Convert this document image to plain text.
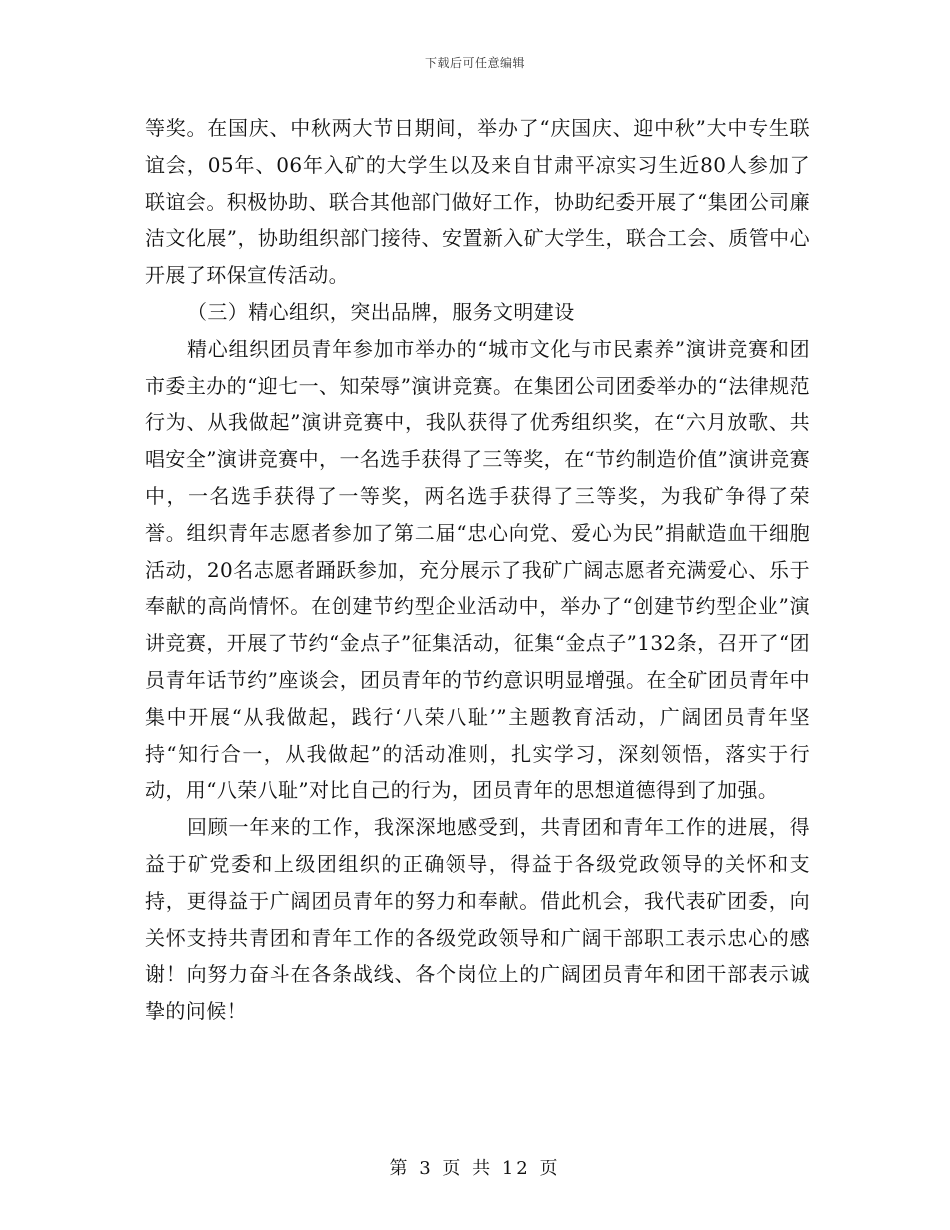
下载后可任意编辑

等奖。在国庆、中秋两大节日期间，举办了“庆国庆、迎中秋”大中专生联谊会，05年、06年入矿的大学生以及来自甘肃平凉实习生近80人参加了联谊会。积极协助、联合其他部门做好工作，协助纪委开展了“集团公司廉洁文化展”，协助组织部门接待、安置新入矿大学生，联合工会、质管中心开展了环保宣传活动。

（三）精心组织，突出品牌，服务文明建设

精心组织团员青年参加市举办的“城市文化与市民素养”演讲竞赛和团市委主办的“迎七一、知荣辱”演讲竞赛。在集团公司团委举办的“法律规范行为、从我做起”演讲竞赛中，我队获得了优秀组织奖，在“六月放歌、共唱安全”演讲竞赛中，一名选手获得了三等奖，在“节约制造价值”演讲竞赛中，一名选手获得了一等奖，两名选手获得了三等奖，为我矿争得了荣誉。组织青年志愿者参加了第二届“忠心向党、爱心为民”捐献造血干细胞活动，20名志愿者踊跃参加，充分展示了我矿广阔志愿者充满爱心、乐于奉献的高尚情怀。在创建节约型企业活动中，举办了“创建节约型企业”演讲竞赛，开展了节约“金点子”征集活动，征集“金点子”132条，召开了“团员青年话节约”座谈会，团员青年的节约意识明显增强。在全矿团员青年中集中开展“从我做起，践行‘八荣八耻’”主题教育活动，广阔团员青年坚持“知行合一，从我做起”的活动准则，扎实学习，深刻领悟，落实于行动，用“八荣八耻”对比自己的行为，团员青年的思想道德得到了加强。

回顾一年来的工作，我深深地感受到，共青团和青年工作的进展，得益于矿党委和上级团组织的正确领导，得益于各级党政领导的关怀和支持，更得益于广阔团员青年的努力和奉献。借此机会，我代表矿团委，向关怀支持共青团和青年工作的各级党政领导和广阔干部职工表示忠心的感谢！向努力奋斗在各条战线、各个岗位上的广阔团员青年和团干部表示诚挚的问候！

第 3 页 共 12 页
